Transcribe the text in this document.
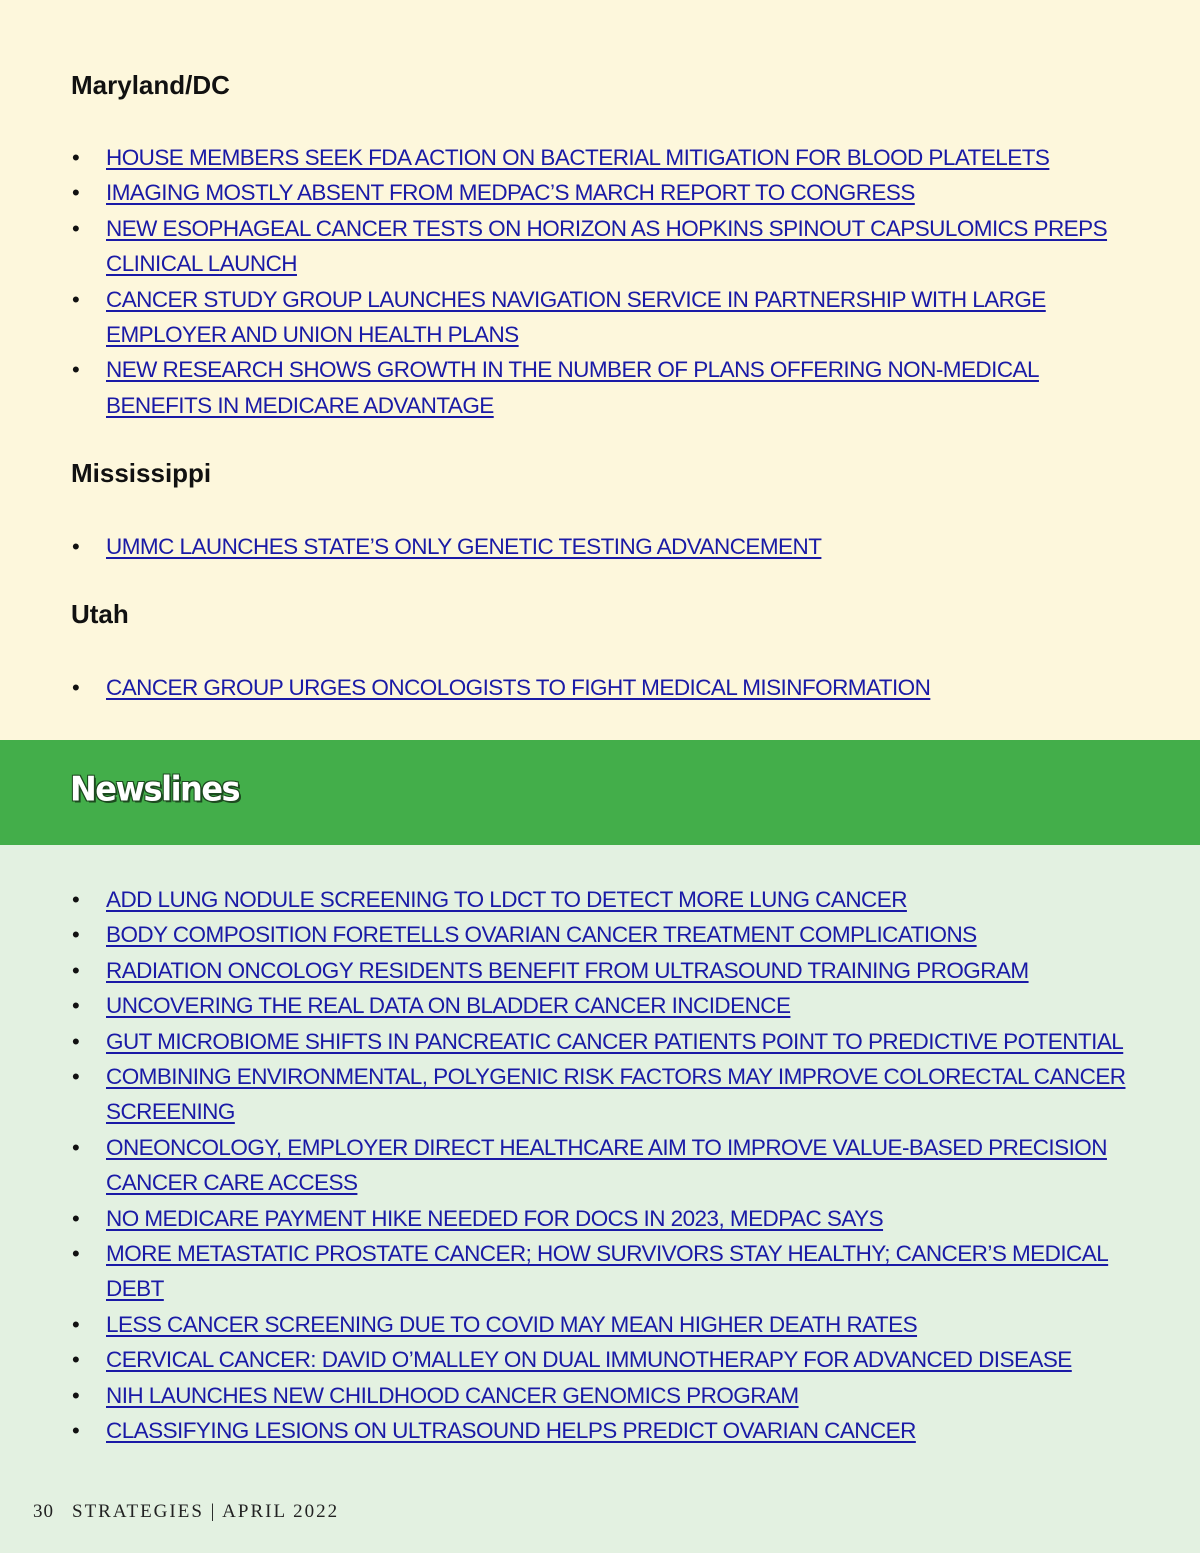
Maryland/DC
• HOUSE MEMBERS SEEK FDA ACTION ON BACTERIAL MITIGATION FOR BLOOD PLATELETS
• IMAGING MOSTLY ABSENT FROM MEDPAC’S MARCH REPORT TO CONGRESS
• NEW ESOPHAGEAL CANCER TESTS ON HORIZON AS HOPKINS SPINOUT CAPSULOMICS PREPS CLINICAL LAUNCH
• CANCER STUDY GROUP LAUNCHES NAVIGATION SERVICE IN PARTNERSHIP WITH LARGE EMPLOYER AND UNION HEALTH PLANS
• NEW RESEARCH SHOWS GROWTH IN THE NUMBER OF PLANS OFFERING NON-MEDICAL BENEFITS IN MEDICARE ADVANTAGE
Mississippi
• UMMC LAUNCHES STATE’S ONLY GENETIC TESTING ADVANCEMENT
Utah
• CANCER GROUP URGES ONCOLOGISTS TO FIGHT MEDICAL MISINFORMATION
Newslines
• ADD LUNG NODULE SCREENING TO LDCT TO DETECT MORE LUNG CANCER
• BODY COMPOSITION FORETELLS OVARIAN CANCER TREATMENT COMPLICATIONS
• RADIATION ONCOLOGY RESIDENTS BENEFIT FROM ULTRASOUND TRAINING PROGRAM
• UNCOVERING THE REAL DATA ON BLADDER CANCER INCIDENCE
• GUT MICROBIOME SHIFTS IN PANCREATIC CANCER PATIENTS POINT TO PREDICTIVE POTENTIAL
• COMBINING ENVIRONMENTAL, POLYGENIC RISK FACTORS MAY IMPROVE COLORECTAL CANCER SCREENING
• ONEONCOLOGY, EMPLOYER DIRECT HEALTHCARE AIM TO IMPROVE VALUE-BASED PRECISION CANCER CARE ACCESS
• NO MEDICARE PAYMENT HIKE NEEDED FOR DOCS IN 2023, MEDPAC SAYS
• MORE METASTATIC PROSTATE CANCER; HOW SURVIVORS STAY HEALTHY; CANCER’S MEDICAL DEBT
• LESS CANCER SCREENING DUE TO COVID MAY MEAN HIGHER DEATH RATES
• CERVICAL CANCER: DAVID O’MALLEY ON DUAL IMMUNOTHERAPY FOR ADVANCED DISEASE
• NIH LAUNCHES NEW CHILDHOOD CANCER GENOMICS PROGRAM
• CLASSIFYING LESIONS ON ULTRASOUND HELPS PREDICT OVARIAN CANCER
30 STRATEGIES | APRIL 2022
